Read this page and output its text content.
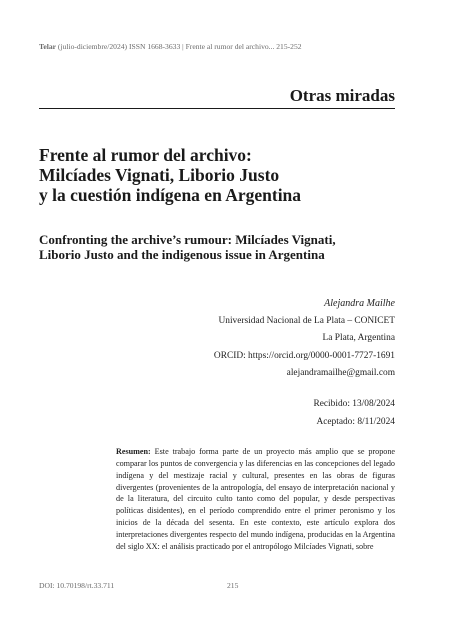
Telar (julio-diciembre/2024) ISSN 1668-3633 | Frente al rumor del archivo... 215-252
Otras miradas
Frente al rumor del archivo:
Milcíades Vignati, Liborio Justo
y la cuestión indígena en Argentina
Confronting the archive’s rumour: Milcíades Vignati,
Liborio Justo and the indigenous issue in Argentina
Alejandra Mailhe
Universidad Nacional de La Plata – CONICET
La Plata, Argentina
ORCID: https://orcid.org/0000-0001-7727-1691
alejandramailhe@gmail.com
Recibido: 13/08/2024
Aceptado: 8/11/2024
Resumen: Este trabajo forma parte de un proyecto más amplio que se propone comparar los puntos de convergencia y las diferencias en las concepciones del legado indígena y del mestizaje racial y cultural, presentes en las obras de figuras divergentes (provenientes de la antropología, del ensayo de interpretación nacional y de la literatura, del circuito culto tanto como del popular, y desde perspectivas políticas disidentes), en el período comprendido entre el primer peronismo y los inicios de la década del sesenta. En este contexto, este artículo explora dos interpretaciones divergentes respecto del mundo indígena, producidas en la Argentina del siglo XX: el análisis practicado por el antropólogo Milcíades Vignati, sobre
DOI: 10.70198/rt.33.711	215
